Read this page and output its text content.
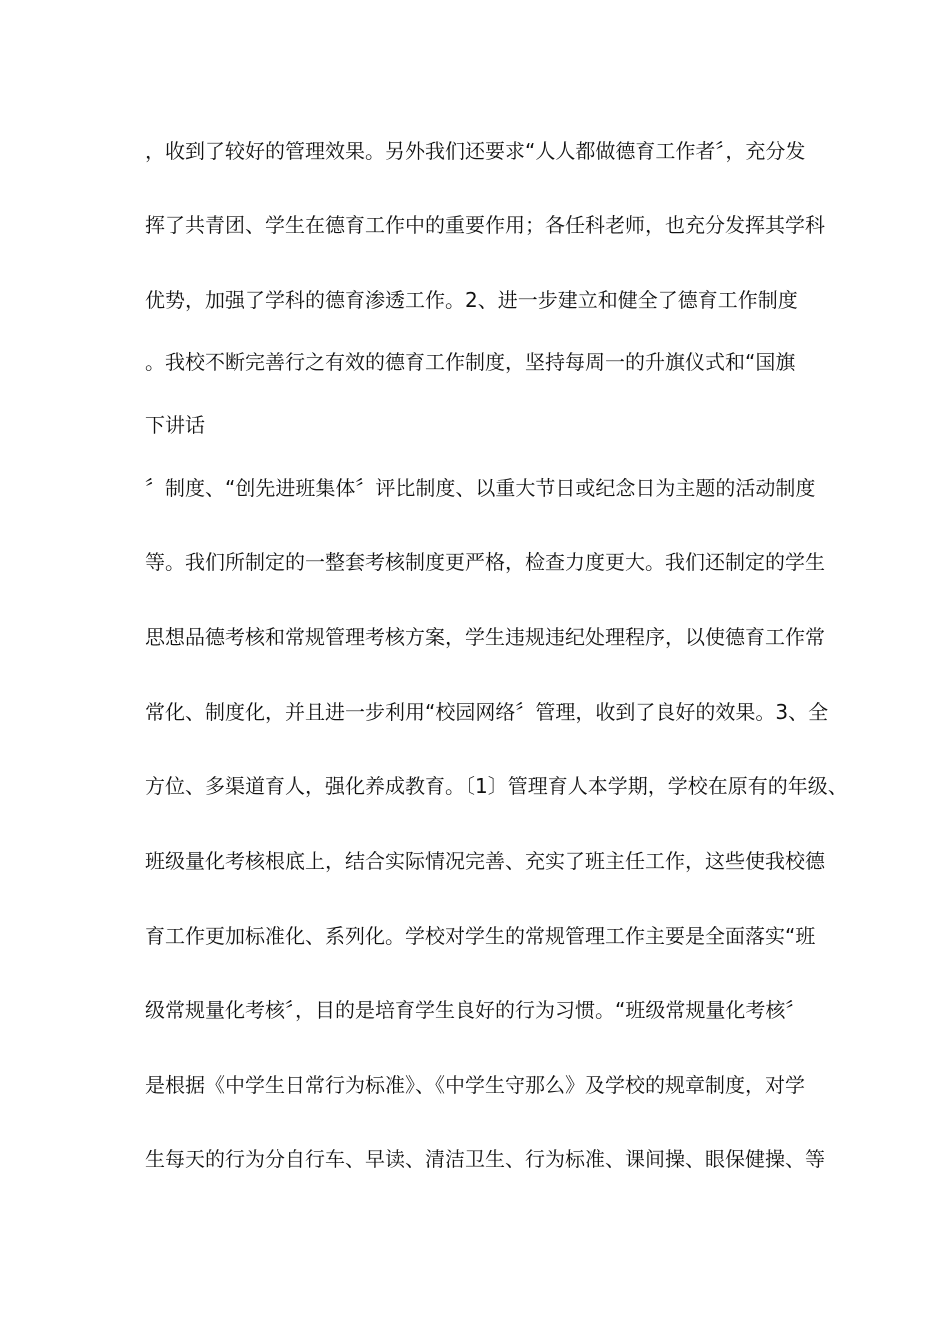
，收到了较好的管理效果。另外我们还要求“人人都做德育工作者〞，充分发
挥了共青团、学生在德育工作中的重要作用；各任科老师，也充分发挥其学科
优势，加强了学科的德育渗透工作。2、进一步建立和健全了德育工作制度
。我校不断完善行之有效的德育工作制度，坚持每周一的升旗仪式和“国旗
下讲话
〞制度、“创先进班集体〞评比制度、以重大节日或纪念日为主题的活动制度
等。我们所制定的一整套考核制度更严格，检查力度更大。我们还制定的学生
思想品德考核和常规管理考核方案，学生违规违纪处理程序，以使德育工作常
常化、制度化，并且进一步利用“校园网络〞管理，收到了良好的效果。3、全
方位、多渠道育人，强化养成教育。〔1〕管理育人本学期，学校在原有的年级、
班级量化考核根底上，结合实际情况完善、充实了班主任工作，这些使我校德
育工作更加标准化、系列化。学校对学生的常规管理工作主要是全面落实“班
级常规量化考核〞，目的是培育学生良好的行为习惯。“班级常规量化考核〞
是根据《中学生日常行为标准》、《中学生守那么》及学校的规章制度，对学
生每天的行为分自行车、早读、清洁卫生、行为标准、课间操、眼保健操、等
